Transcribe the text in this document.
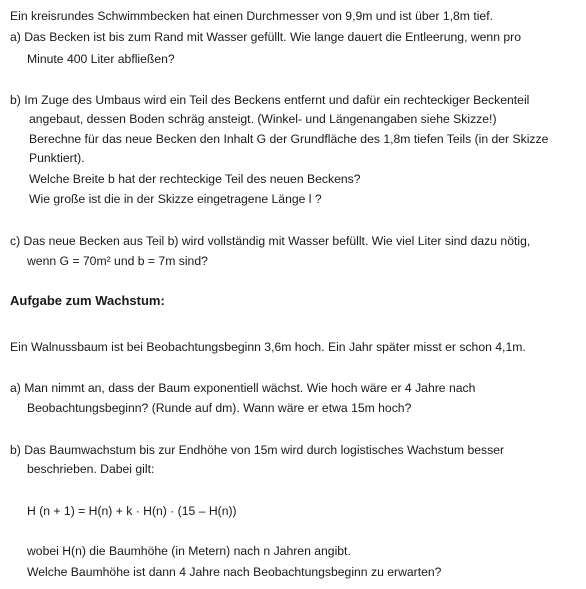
Ein kreisrundes Schwimmbecken hat einen Durchmesser von 9,9m und ist über 1,8m tief.
a) Das Becken ist bis zum Rand mit Wasser gefüllt. Wie lange dauert die Entleerung, wenn pro
Minute 400 Liter abfließen?
b) Im Zuge des Umbaus wird ein Teil des Beckens entfernt und dafür ein rechteckiger Beckenteil
angebaut, dessen Boden schräg ansteigt. (Winkel- und Längenangaben siehe Skizze!)
Berechne für das neue Becken den Inhalt G der Grundfläche des 1,8m tiefen Teils (in der Skizze
Punktiert).
Welche Breite b hat der rechteckige Teil des neuen Beckens?
Wie große ist die in der Skizze eingetragene Länge l ?
c) Das neue Becken aus Teil b) wird vollständig mit Wasser befüllt. Wie viel Liter sind dazu nötig,
wenn G = 70m² und b = 7m sind?
Aufgabe zum Wachstum:
Ein Walnussbaum ist bei Beobachtungsbeginn 3,6m hoch. Ein Jahr später misst er schon 4,1m.
a) Man nimmt an, dass der Baum exponentiell wächst. Wie hoch wäre er 4 Jahre nach
Beobachtungsbeginn? (Runde auf dm). Wann wäre er etwa 15m hoch?
b) Das Baumwachstum bis zur Endhöhe von 15m wird durch logistisches Wachstum besser
beschrieben. Dabei gilt:
H (n + 1) = H(n) + k · H(n) · (15 – H(n))
wobei H(n) die Baumhöhe (in Metern) nach n Jahren angibt.
Welche Baumhöhe ist dann 4 Jahre nach Beobachtungsbeginn zu erwarten?
